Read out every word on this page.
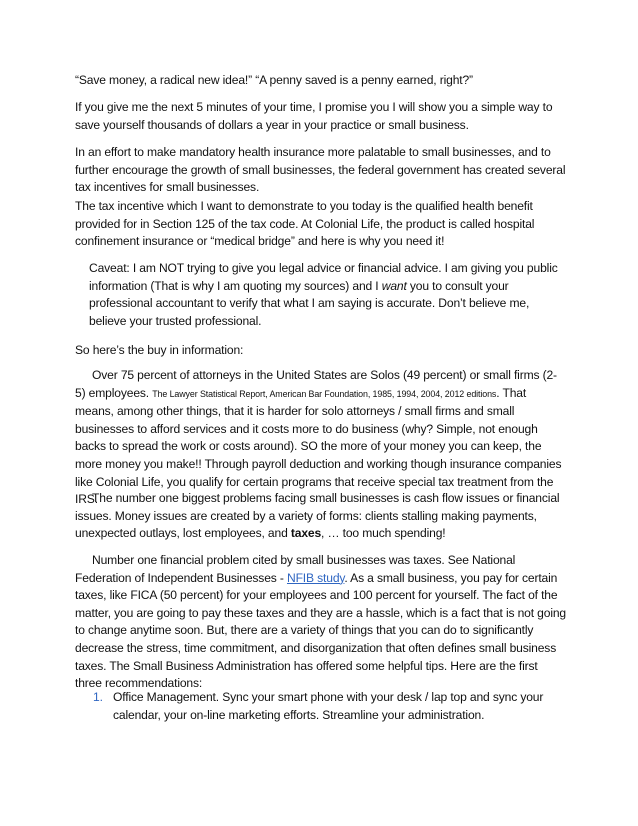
“Save money, a radical new idea!” “A penny saved is a penny earned, right?”

If you give me the next 5 minutes of your time, I promise you I will show you a simple way to save yourself thousands of dollars a year in your practice or small business.

In an effort to make mandatory health insurance more palatable to small businesses, and to further encourage the growth of small businesses, the federal government has created several tax incentives for small businesses.

The tax incentive which I want to demonstrate to you today is the qualified health benefit provided for in Section 125 of the tax code. At Colonial Life, the product is called hospital confinement insurance or “medical bridge” and here is why you need it!

Caveat: I am NOT trying to give you legal advice or financial advice. I am giving you public information (That is why I am quoting my sources) and I want you to consult your professional accountant to verify that what I am saying is accurate. Don’t believe me, believe your trusted professional.

So here’s the buy in information:

Over 75 percent of attorneys in the United States are Solos (49 percent) or small firms (2-5) employees. The Lawyer Statistical Report, American Bar Foundation, 1985, 1994, 2004, 2012 editions. That means, among other things, that it is harder for solo attorneys / small firms and small businesses to afford services and it costs more to do business (why? Simple, not enough backs to spread the work or costs around). SO the more of your money you can keep, the more money you make!! Through payroll deduction and working though insurance companies like Colonial Life, you qualify for certain programs that receive special tax treatment from the IRS.

The number one biggest problems facing small businesses is cash flow issues or financial issues. Money issues are created by a variety of forms: clients stalling making payments, unexpected outlays, lost employees, and taxes, … too much spending!

Number one financial problem cited by small businesses was taxes. See National Federation of Independent Businesses - NFIB study. As a small business, you pay for certain taxes, like FICA (50 percent) for your employees and 100 percent for yourself. The fact of the matter, you are going to pay these taxes and they are a hassle, which is a fact that is not going to change anytime soon. But, there are a variety of things that you can do to significantly decrease the stress, time commitment, and disorganization that often defines small business taxes. The Small Business Administration has offered some helpful tips. Here are the first three recommendations:

1. Office Management. Sync your smart phone with your desk / lap top and sync your calendar, your on-line marketing efforts. Streamline your administration.
